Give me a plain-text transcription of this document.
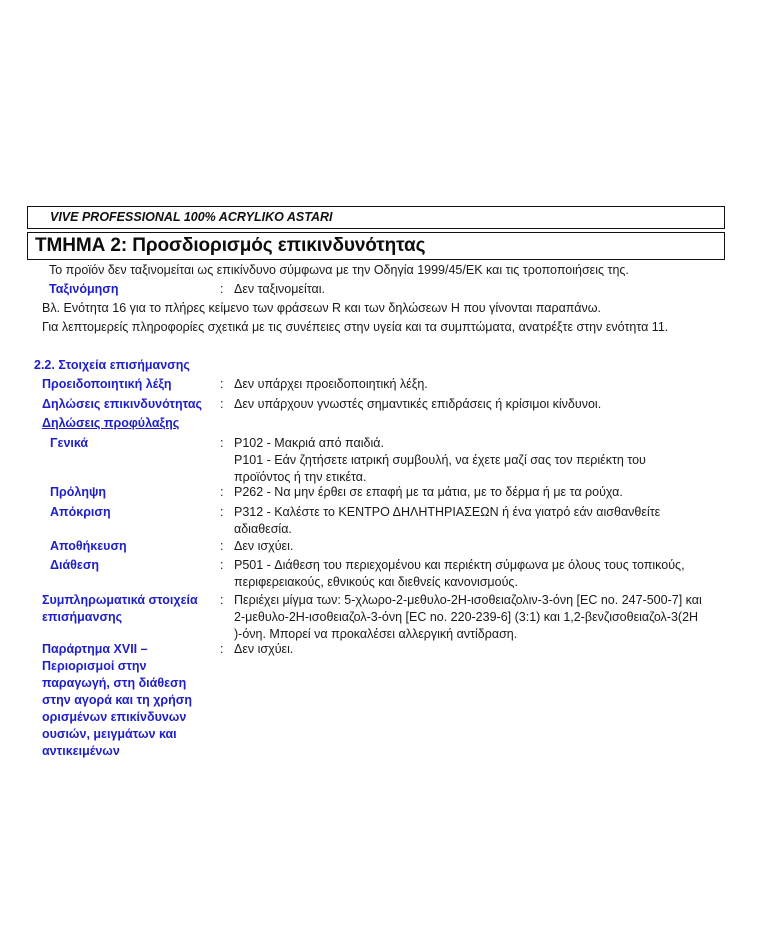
VIVE PROFESSIONAL 100% ACRYLIKO ASTARI
ΤΜΗΜΑ 2: Προσδιορισμός επικινδυνότητας
Το προϊόν δεν ταξινομείται ως επικίνδυνο σύμφωνα με την Οδηγία 1999/45/ΕΚ και τις τροποποιήσεις της.
Ταξινόμηση	: Δεν ταξινομείται.
Βλ. Ενότητα 16 για το πλήρες κείμενο των φράσεων R και των δηλώσεων H που γίνονται παραπάνω.
Για λεπτομερείς πληροφορίες σχετικά με τις συνέπειες στην υγεία και τα συμπτώματα, ανατρέξτε στην ενότητα 11.
2.2. Στοιχεία επισήμανσης
Προειδοποιητική λέξη	: Δεν υπάρχει προειδοποιητική λέξη.
Δηλώσεις επικινδυνότητας : Δεν υπάρχουν γνωστές σημαντικές επιδράσεις ή κρίσιμοι κίνδυνοι.
Δηλώσεις προφύλαξης
Γενικά	: P102 - Μακριά από παιδιά.
P101 - Εάν ζητήσετε ιατρική συμβουλή, να έχετε μαζί σας τον περιέκτη του
προϊόντος ή την ετικέτα.
Πρόληψη	: P262 - Να μην έρθει σε επαφή με τα μάτια, με το δέρμα ή με τα ρούχα.
Απόκριση	: P312 - Καλέστε το ΚΕΝΤΡΟ ΔΗΛΗΤΗΡΙΑΣΕΩΝ ή ένα γιατρό εάν αισθανθείτε
αδιαθεσία.
Αποθήκευση	: Δεν ισχύει.
Διάθεση	: P501 - Διάθεση του περιεχομένου και περιέκτη σύμφωνα με όλους τους τοπικούς,
περιφερειακούς, εθνικούς και διεθνείς κανονισμούς.
Συμπληρωματικά στοιχεία
επισήμανσης
: Περιέχει μίγμα των: 5-χλωρο-2-μεθυλο-2H-ισοθειαζολιν-3-όνη [EC no. 247-500-7] και
2-μεθυλο-2H-ισοθειαζολ-3-όνη [EC no. 220-239-6] (3:1) και 1,2-βενζισοθειαζολ-3(2H
)-όνη. Μπορεί να προκαλέσει αλλεργική αντίδραση.
Παράρτημα XVII –
Περιορισμοί στην
παραγωγή, στη διάθεση
στην αγορά και τη χρήση
ορισμένων επικίνδυνων
ουσιών, μειγμάτων και
αντικειμένων
: Δεν ισχύει.
